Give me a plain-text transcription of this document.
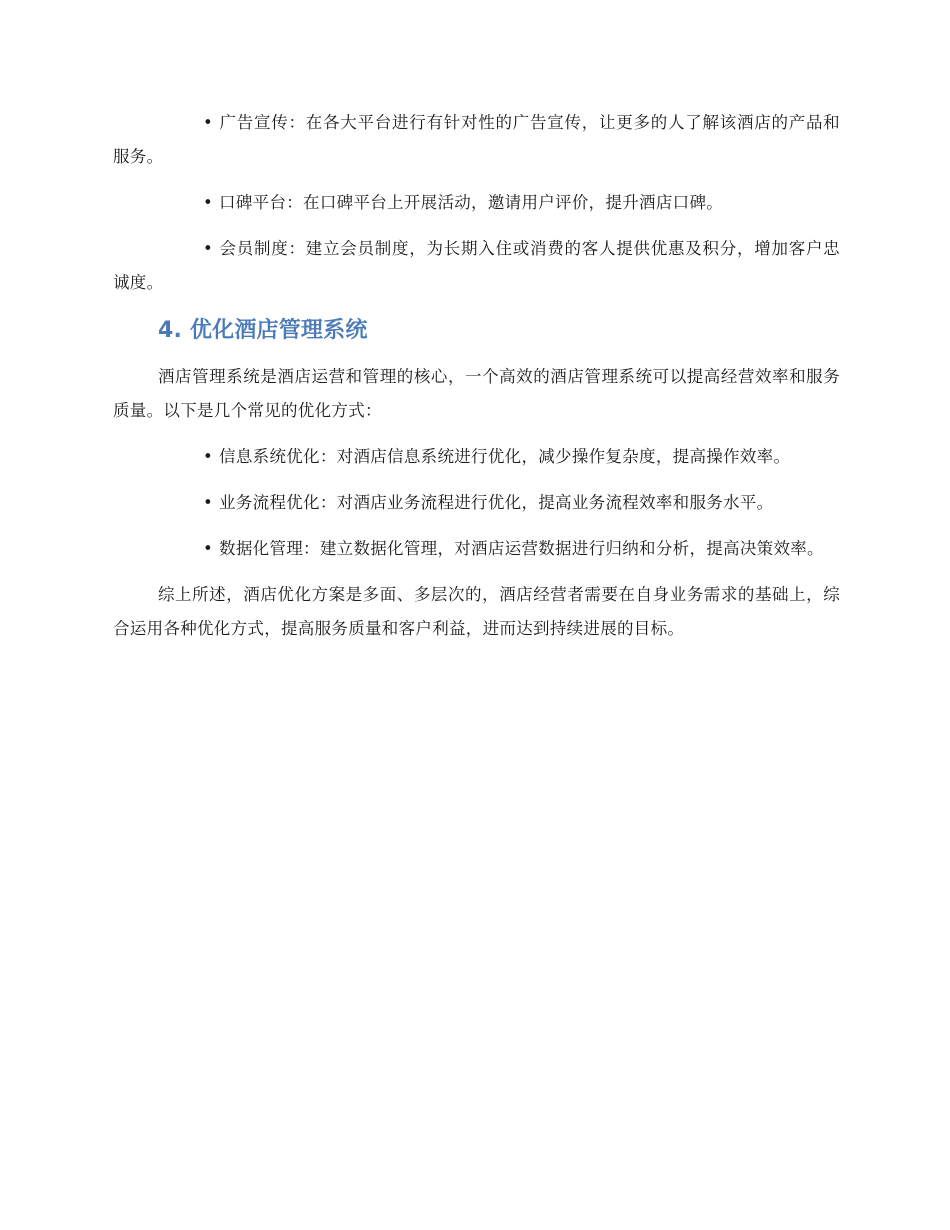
• 广告宣传：在各大平台进行有针对性的广告宣传，让更多的人了解该酒店的产品和服务。

• 口碑平台：在口碑平台上开展活动，邀请用户评价，提升酒店口碑。

• 会员制度：建立会员制度，为长期入住或消费的客人提供优惠及积分，增加客户忠诚度。

4. 优化酒店管理系统

酒店管理系统是酒店运营和管理的核心，一个高效的酒店管理系统可以提高经营效率和服务质量。以下是几个常见的优化方式：

• 信息系统优化：对酒店信息系统进行优化，减少操作复杂度，提高操作效率。

• 业务流程优化：对酒店业务流程进行优化，提高业务流程效率和服务水平。

• 数据化管理：建立数据化管理，对酒店运营数据进行归纳和分析，提高决策效率。

综上所述，酒店优化方案是多面、多层次的，酒店经营者需要在自身业务需求的基础上，综合运用各种优化方式，提高服务质量和客户利益，进而达到持续进展的目标。
